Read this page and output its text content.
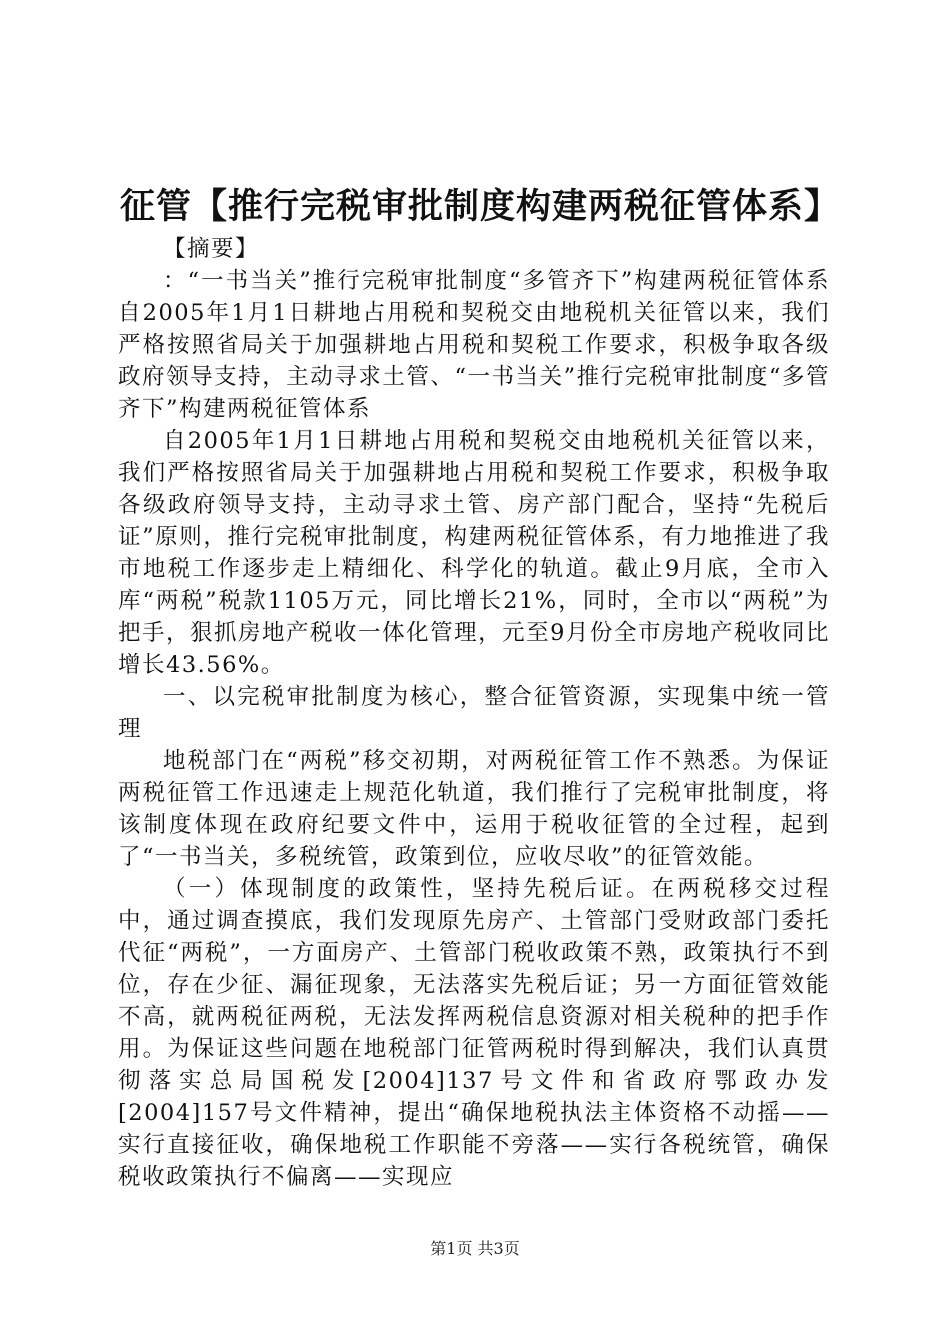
征管【推行完税审批制度构建两税征管体系】

【摘要】

：“一书当关”推行完税审批制度“多管齐下”构建两税征管体系自2005年1月1日耕地占用税和契税交由地税机关征管以来，我们严格按照省局关于加强耕地占用税和契税工作要求，积极争取各级政府领导支持，主动寻求土管、“一书当关”推行完税审批制度“多管齐下”构建两税征管体系

自2005年1月1日耕地占用税和契税交由地税机关征管以来，我们严格按照省局关于加强耕地占用税和契税工作要求，积极争取各级政府领导支持，主动寻求土管、房产部门配合，坚持“先税后证”原则，推行完税审批制度，构建两税征管体系，有力地推进了我市地税工作逐步走上精细化、科学化的轨道。截止9月底，全市入库“两税”税款1105万元，同比增长21%，同时，全市以“两税”为把手，狠抓房地产税收一体化管理，元至9月份全市房地产税收同比增长43.56%。

一、以完税审批制度为核心，整合征管资源，实现集中统一管理

地税部门在“两税”移交初期，对两税征管工作不熟悉。为保证两税征管工作迅速走上规范化轨道，我们推行了完税审批制度，将该制度体现在政府纪要文件中，运用于税收征管的全过程，起到了“一书当关，多税统管，政策到位，应收尽收”的征管效能。

（一）体现制度的政策性，坚持先税后证。在两税移交过程中，通过调查摸底，我们发现原先房产、土管部门受财政部门委托代征“两税”，一方面房产、土管部门税收政策不熟，政策执行不到位，存在少征、漏征现象，无法落实先税后证；另一方面征管效能不高，就两税征两税，无法发挥两税信息资源对相关税种的把手作用。为保证这些问题在地税部门征管两税时得到解决，我们认真贯彻落实总局国税发[2004]137号文件和省政府鄂政办发[2004]157号文件精神，提出“确保地税执法主体资格不动摇——实行直接征收，确保地税工作职能不旁落——实行各税统管，确保税收政策执行不偏离——实现应

第1页 共3页
